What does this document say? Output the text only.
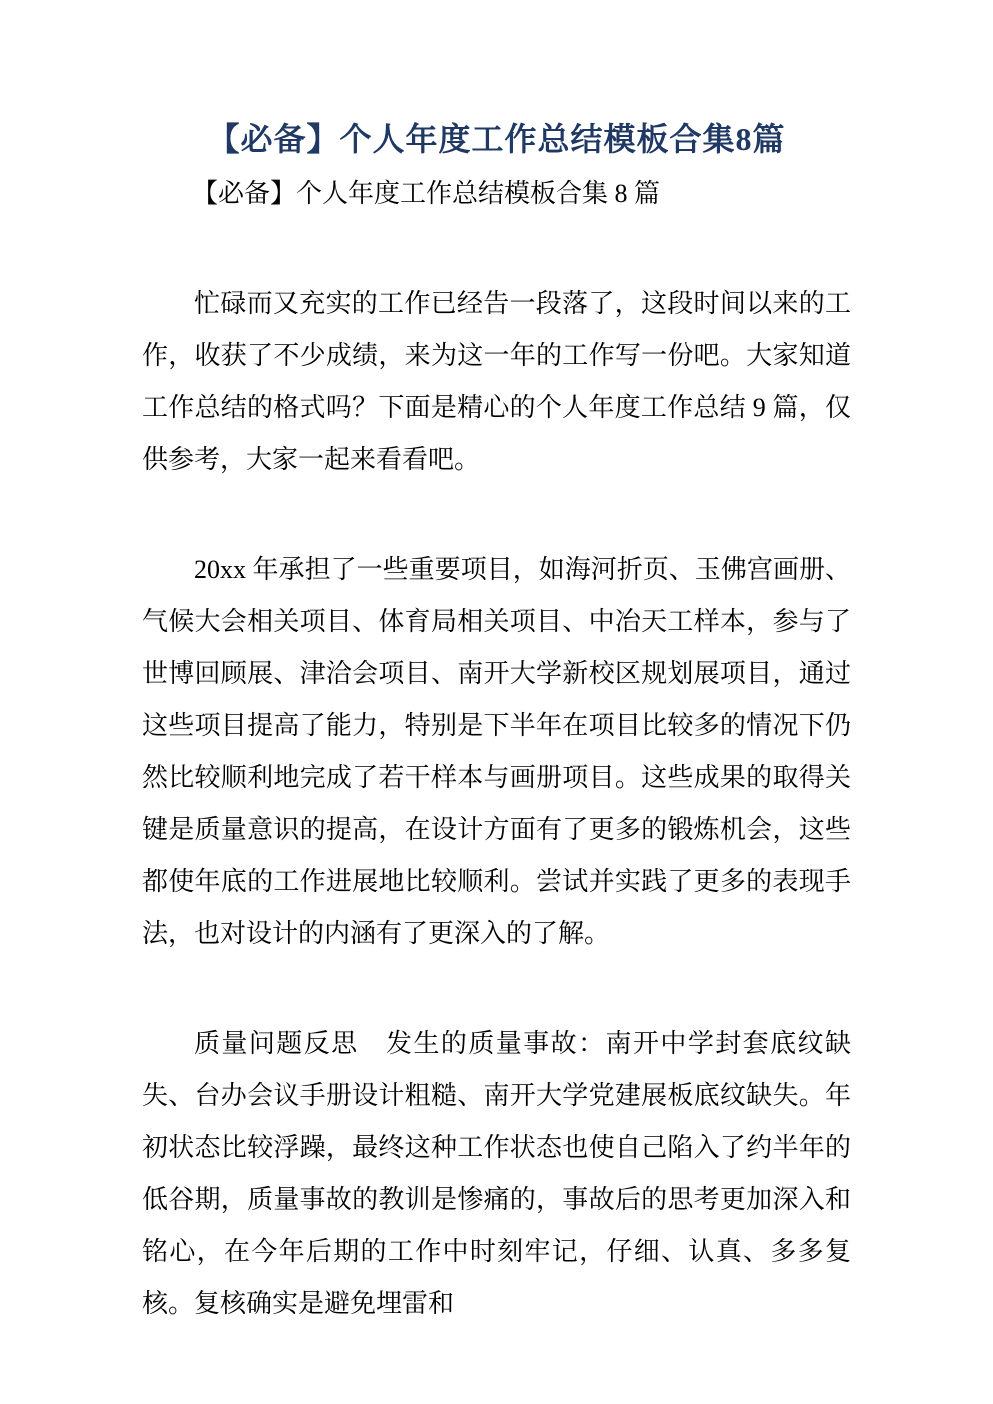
【必备】个人年度工作总结模板合集8篇

【必备】个人年度工作总结模板合集 8 篇

忙碌而又充实的工作已经告一段落了，这段时间以来的工作，收获了不少成绩，来为这一年的工作写一份吧。大家知道工作总结的格式吗？下面是精心的个人年度工作总结 9 篇，仅供参考，大家一起来看看吧。

20xx 年承担了一些重要项目，如海河折页、玉佛宫画册、气候大会相关项目、体育局相关项目、中冶天工样本，参与了世博回顾展、津洽会项目、南开大学新校区规划展项目，通过这些项目提高了能力，特别是下半年在项目比较多的情况下仍然比较顺利地完成了若干样本与画册项目。这些成果的取得关键是质量意识的提高，在设计方面有了更多的锻炼机会，这些都使年底的工作进展地比较顺利。尝试并实践了更多的表现手法，也对设计的内涵有了更深入的了解。

质量问题反思　发生的质量事故：南开中学封套底纹缺失、台办会议手册设计粗糙、南开大学党建展板底纹缺失。年初状态比较浮躁，最终这种工作状态也使自己陷入了约半年的低谷期，质量事故的教训是惨痛的，事故后的思考更加深入和铭心，在今年后期的工作中时刻牢记，仔细、认真、多多复核。复核确实是避免埋雷和
